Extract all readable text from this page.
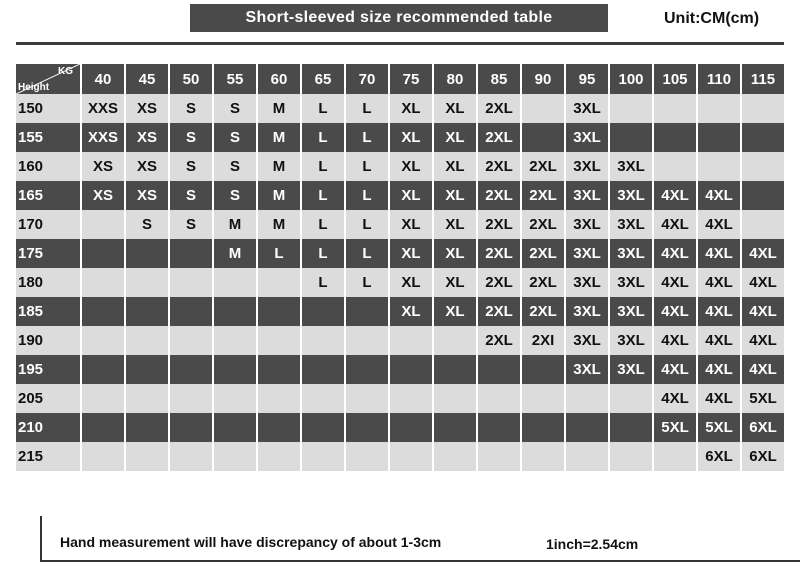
Short-sleeved size recommended table	Unit:CM(cm)
KG
Height	40	45	50	55	60	65	70	75	80	85	90	95	100	105	110	115
150	XXS	XS	S	S	M	L	L	XL	XL	2XL		3XL				
155	XXS	XS	S	S	M	L	L	XL	XL	2XL		3XL				
160	XS	XS	S	S	M	L	L	XL	XL	2XL	2XL	3XL	3XL			
165	XS	XS	S	S	M	L	L	XL	XL	2XL	2XL	3XL	3XL	4XL	4XL	
170		S	S	M	M	L	L	XL	XL	2XL	2XL	3XL	3XL	4XL	4XL	
175				M	L	L	L	XL	XL	2XL	2XL	3XL	3XL	4XL	4XL	4XL
180						L	L	XL	XL	2XL	2XL	3XL	3XL	4XL	4XL	4XL
185								XL	XL	2XL	2XL	3XL	3XL	4XL	4XL	4XL
190										2XL	2XI	3XL	3XL	4XL	4XL	4XL
195												3XL	3XL	4XL	4XL	4XL
205														4XL	4XL	5XL
210														5XL	5XL	6XL
215															6XL	6XL
Hand measurement will have discrepancy of about 1-3cm	1inch=2.54cm
